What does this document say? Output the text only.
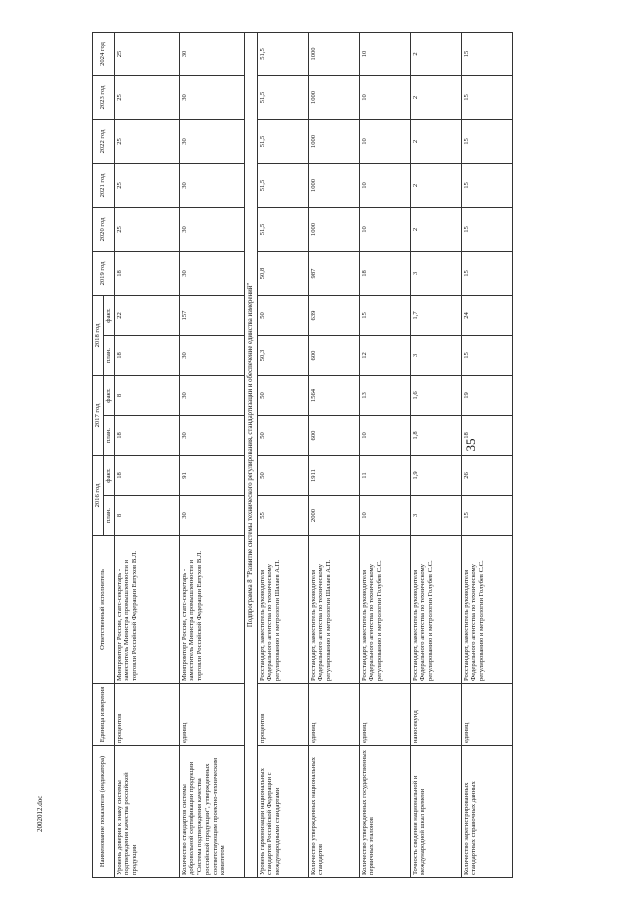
35
2002012.doc	Наименование показателя (индикатора)	Единица измерения	Ответственный исполнитель	2016 год		2017 год		2018 год		2019 год	2020 год	2021 год	2022 год	2023 год	2024 год
			план.	факт.	план.	факт.	план.	факт.						
Уровень доверия к знаку системы подтверждения качества российской продукции	процентов	Минпромторг России, статс-секретарь - заместитель Министра промышленности и торговли Российской Федерации Евтухов В.Л.	8	18	18	8	18	22	18	25	25	25	25	25
Количество стандартов системы добровольной сертификации продукции "Система подтверждения качества российской продукции", утвержденных соответствующим проектно-техническим комитетом	единиц	Минпромторг России, статс-секретарь - заместитель Министра промышленности и торговли Российской Федерации Евтухов В.Л.	30	91	30	30	30	157	30	30	30	30	30	30
Подпрограмма 8 "Развитие системы технического регулирования, стандартизации и обеспечение единства измерений"														
Уровень гармонизации национальных стандартов Российской Федерации с международными стандартами	процентов	Росстандарт, заместитель руководителя Федерального агентства по техническому регулированию и метрологии Шалаев А.П.	55	50	50	50	50,3	50	50,8	51,5	51,5	51,5	51,5	51,5
Количество утвержденных национальных стандартов	единиц	Росстандарт, заместитель руководителя Федерального агентства по техническому регулированию и метрологии Шалаев А.П.	2000	1911	600	1564	600	639	987	1000	1000	1000	1000	1000
Количество утвержденных государственных первичных эталонов	единиц	Росстандарт, заместитель руководителя Федерального агентства по техническому регулированию и метрологии Голубев С.С.	10	11	10	13	12	15	18	10	10	10	10	10
Точность сведения национальной и международной шкал времени	наносекунд	Росстандарт, заместитель руководителя Федерального агентства по техническому регулированию и метрологии Голубев С.С.	3	1,9	1,8	1,6	3	1,7	3	2	2	2	2	2
Количество зарегистрированных стандартных справочных данных	единиц	Росстандарт, заместитель руководителя Федерального агентства по техническому регулированию и метрологии Голубев С.С.	15	26	18	19	15	24	15	15	15	15	15	15
